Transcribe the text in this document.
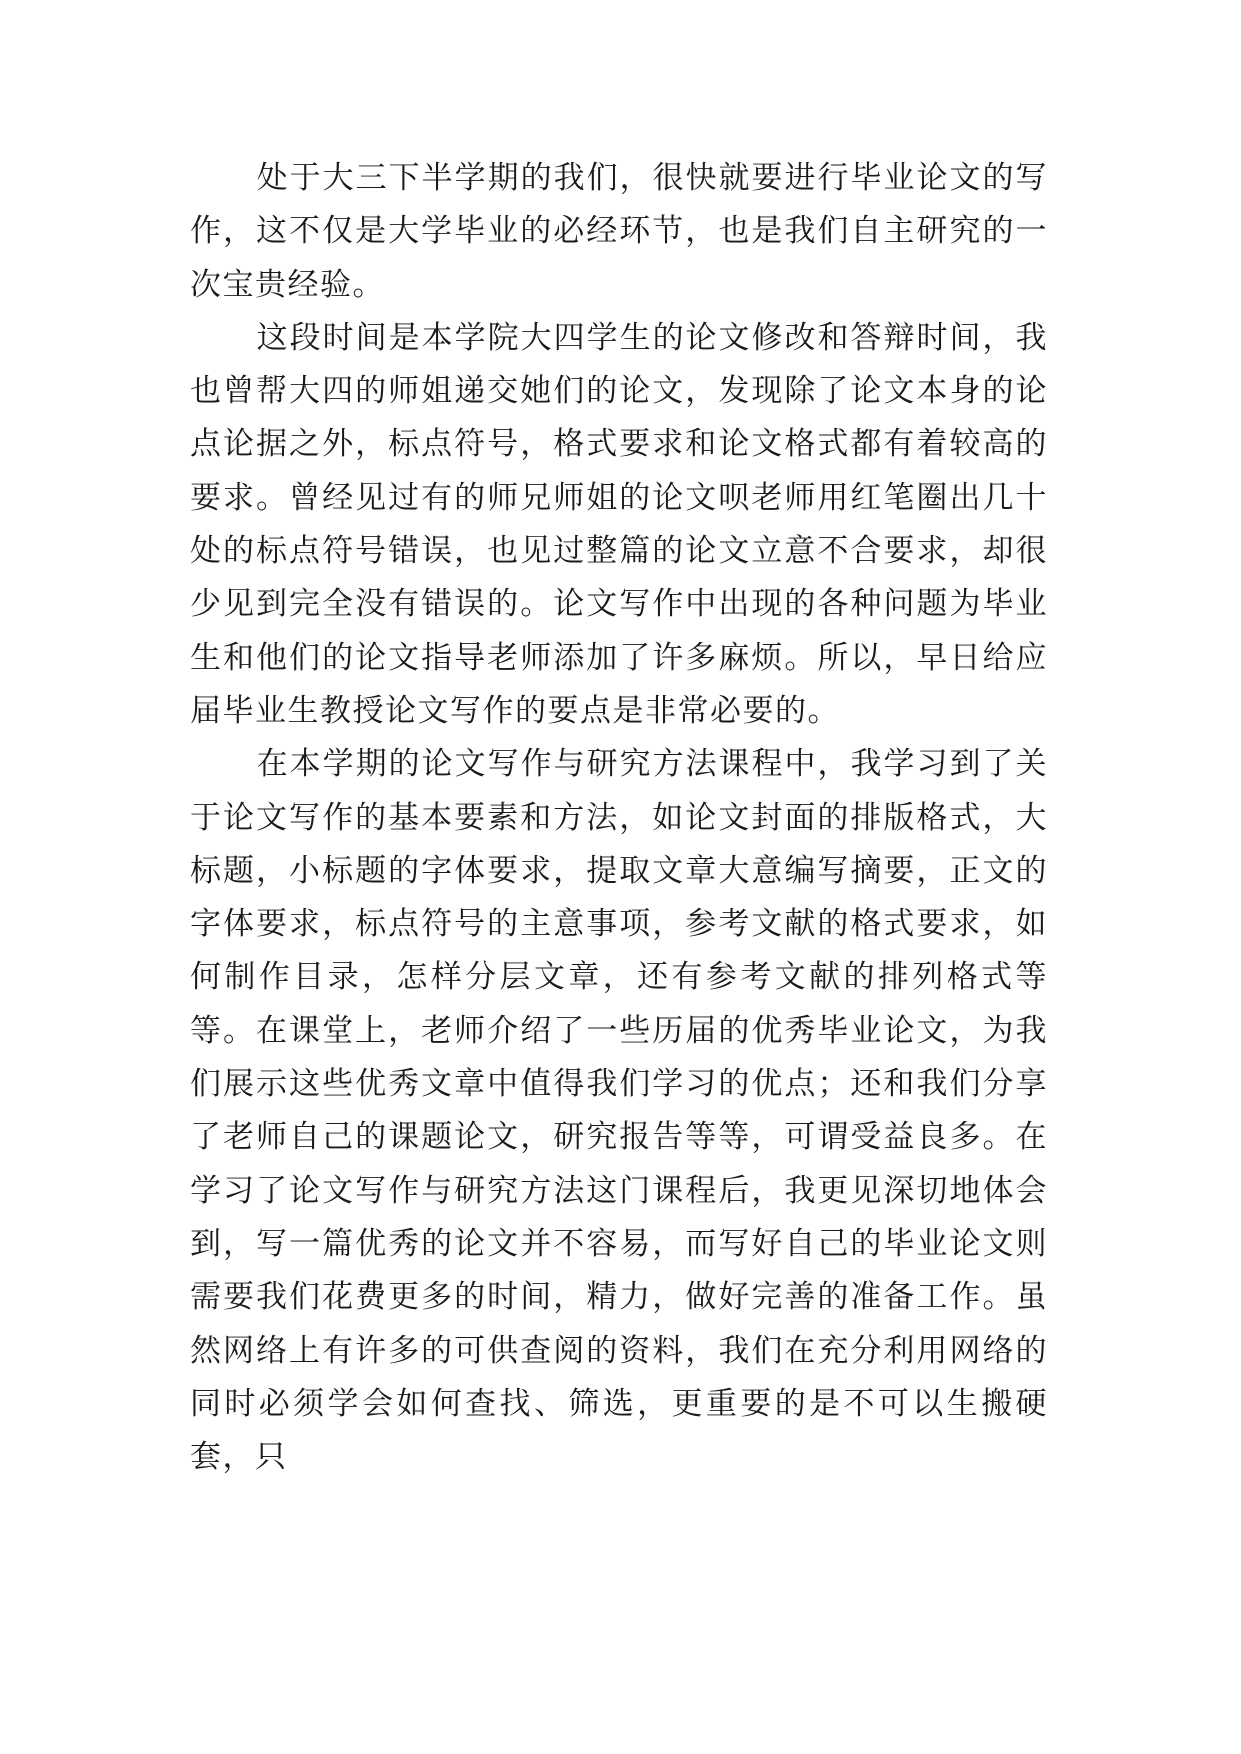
处于大三下半学期的我们，很快就要进行毕业论文的写作，这不仅是大学毕业的必经环节，也是我们自主研究的一次宝贵经验。

这段时间是本学院大四学生的论文修改和答辩时间，我也曾帮大四的师姐递交她们的论文，发现除了论文本身的论点论据之外，标点符号，格式要求和论文格式都有着较高的要求。曾经见过有的师兄师姐的论文呗老师用红笔圈出几十处的标点符号错误，也见过整篇的论文立意不合要求，却很少见到完全没有错误的。论文写作中出现的各种问题为毕业生和他们的论文指导老师添加了许多麻烦。所以，早日给应届毕业生教授论文写作的要点是非常必要的。

在本学期的论文写作与研究方法课程中，我学习到了关于论文写作的基本要素和方法，如论文封面的排版格式，大标题，小标题的字体要求，提取文章大意编写摘要，正文的字体要求，标点符号的主意事项，参考文献的格式要求，如何制作目录，怎样分层文章，还有参考文献的排列格式等等。在课堂上，老师介绍了一些历届的优秀毕业论文，为我们展示这些优秀文章中值得我们学习的优点；还和我们分享了老师自己的课题论文，研究报告等等，可谓受益良多。在学习了论文写作与研究方法这门课程后，我更见深切地体会到，写一篇优秀的论文并不容易，而写好自己的毕业论文则需要我们花费更多的时间，精力，做好完善的准备工作。虽然网络上有许多的可供查阅的资料，我们在充分利用网络的同时必须学会如何查找、筛选，更重要的是不可以生搬硬套，只
